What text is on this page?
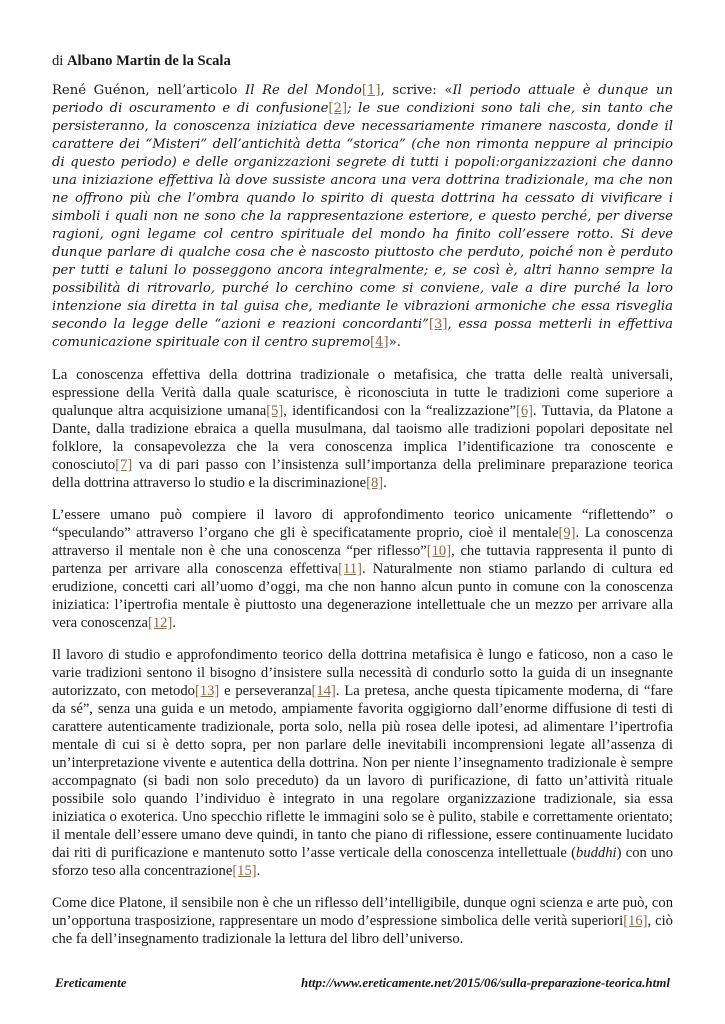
di Albano Martin de la Scala

René Guénon, nell’articolo Il Re del Mondo[1], scrive: «Il periodo attuale è dunque un periodo di oscuramento e di confusione[2]; le sue condizioni sono tali che, sin tanto che persisteranno, la conoscenza iniziatica deve necessariamente rimanere nascosta, donde il carattere dei “Misteri” dell’antichità detta “storica” (che non rimonta neppure al principio di questo periodo) e delle organizzazioni segrete di tutti i popoli:organizzazioni che danno una iniziazione effettiva là dove sussiste ancora una vera dottrina tradizionale, ma che non ne offrono più che l’ombra quando lo spirito di questa dottrina ha cessato di vivificare i simboli i quali non ne sono che la rappresentazione esteriore, e questo perché, per diverse ragioni, ogni legame col centro spirituale del mondo ha finito coll’essere rotto. Si deve dunque parlare di qualche cosa che è nascosto piuttosto che perduto, poiché non è perduto per tutti e taluni lo posseggono ancora integralmente; e, se così è, altri hanno sempre la possibilità di ritrovarlo, purché lo cerchino come si conviene, vale a dire purché la loro intenzione sia diretta in tal guisa che, mediante le vibrazioni armoniche che essa risveglia secondo la legge delle “azioni e reazioni concordanti”[3], essa possa metterli in effettiva comunicazione spirituale con il centro supremo[4]».

La conoscenza effettiva della dottrina tradizionale o metafisica, che tratta delle realtà universali, espressione della Verità dalla quale scaturisce, è riconosciuta in tutte le tradizioni come superiore a qualunque altra acquisizione umana[5], identificandosi con la “realizzazione”[6]. Tuttavia, da Platone a Dante, dalla tradizione ebraica a quella musulmana, dal taoismo alle tradizioni popolari depositate nel folklore, la consapevolezza che la vera conoscenza implica l’identificazione tra conoscente e conosciuto[7] va di pari passo con l’insistenza sull’importanza della preliminare preparazione teorica della dottrina attraverso lo studio e la discriminazione[8].

L’essere umano può compiere il lavoro di approfondimento teorico unicamente “riflettendo” o “speculando” attraverso l’organo che gli è specificatamente proprio, cioè il mentale[9]. La conoscenza attraverso il mentale non è che una conoscenza “per riflesso”[10], che tuttavia rappresenta il punto di partenza per arrivare alla conoscenza effettiva[11]. Naturalmente non stiamo parlando di cultura ed erudizione, concetti cari all’uomo d’oggi, ma che non hanno alcun punto in comune con la conoscenza iniziatica: l’ipertrofia mentale è piuttosto una degenerazione intellettuale che un mezzo per arrivare alla vera conoscenza[12].

Il lavoro di studio e approfondimento teorico della dottrina metafisica è lungo e faticoso, non a caso le varie tradizioni sentono il bisogno d’insistere sulla necessità di condurlo sotto la guida di un insegnante autorizzato, con metodo[13] e perseveranza[14]. La pretesa, anche questa tipicamente moderna, di “fare da sé”, senza una guida e un metodo, ampiamente favorita oggigiorno dall’enorme diffusione di testi di carattere autenticamente tradizionale, porta solo, nella più rosea delle ipotesi, ad alimentare l’ipertrofia mentale di cui si è detto sopra, per non parlare delle inevitabili incomprensioni legate all’assenza di un’interpretazione vivente e autentica della dottrina. Non per niente l’insegnamento tradizionale è sempre accompagnato (si badi non solo preceduto) da un lavoro di purificazione, di fatto un’attività rituale possibile solo quando l’individuo è integrato in una regolare organizzazione tradizionale, sia essa iniziatica o exoterica. Uno specchio riflette le immagini solo se è pulito, stabile e correttamente orientato; il mentale dell’essere umano deve quindi, in tanto che piano di riflessione, essere continuamente lucidato dai riti di purificazione e mantenuto sotto l’asse verticale della conoscenza intellettuale (buddhi) con uno sforzo teso alla concentrazione[15].

Come dice Platone, il sensibile non è che un riflesso dell’intelligibile, dunque ogni scienza e arte può, con un’opportuna trasposizione, rappresentare un modo d’espressione simbolica delle verità superiori[16], ciò che fa dell’insegnamento tradizionale la lettura del libro dell’universo.

Ereticamente	http://www.ereticamente.net/2015/06/sulla-preparazione-teorica.html
